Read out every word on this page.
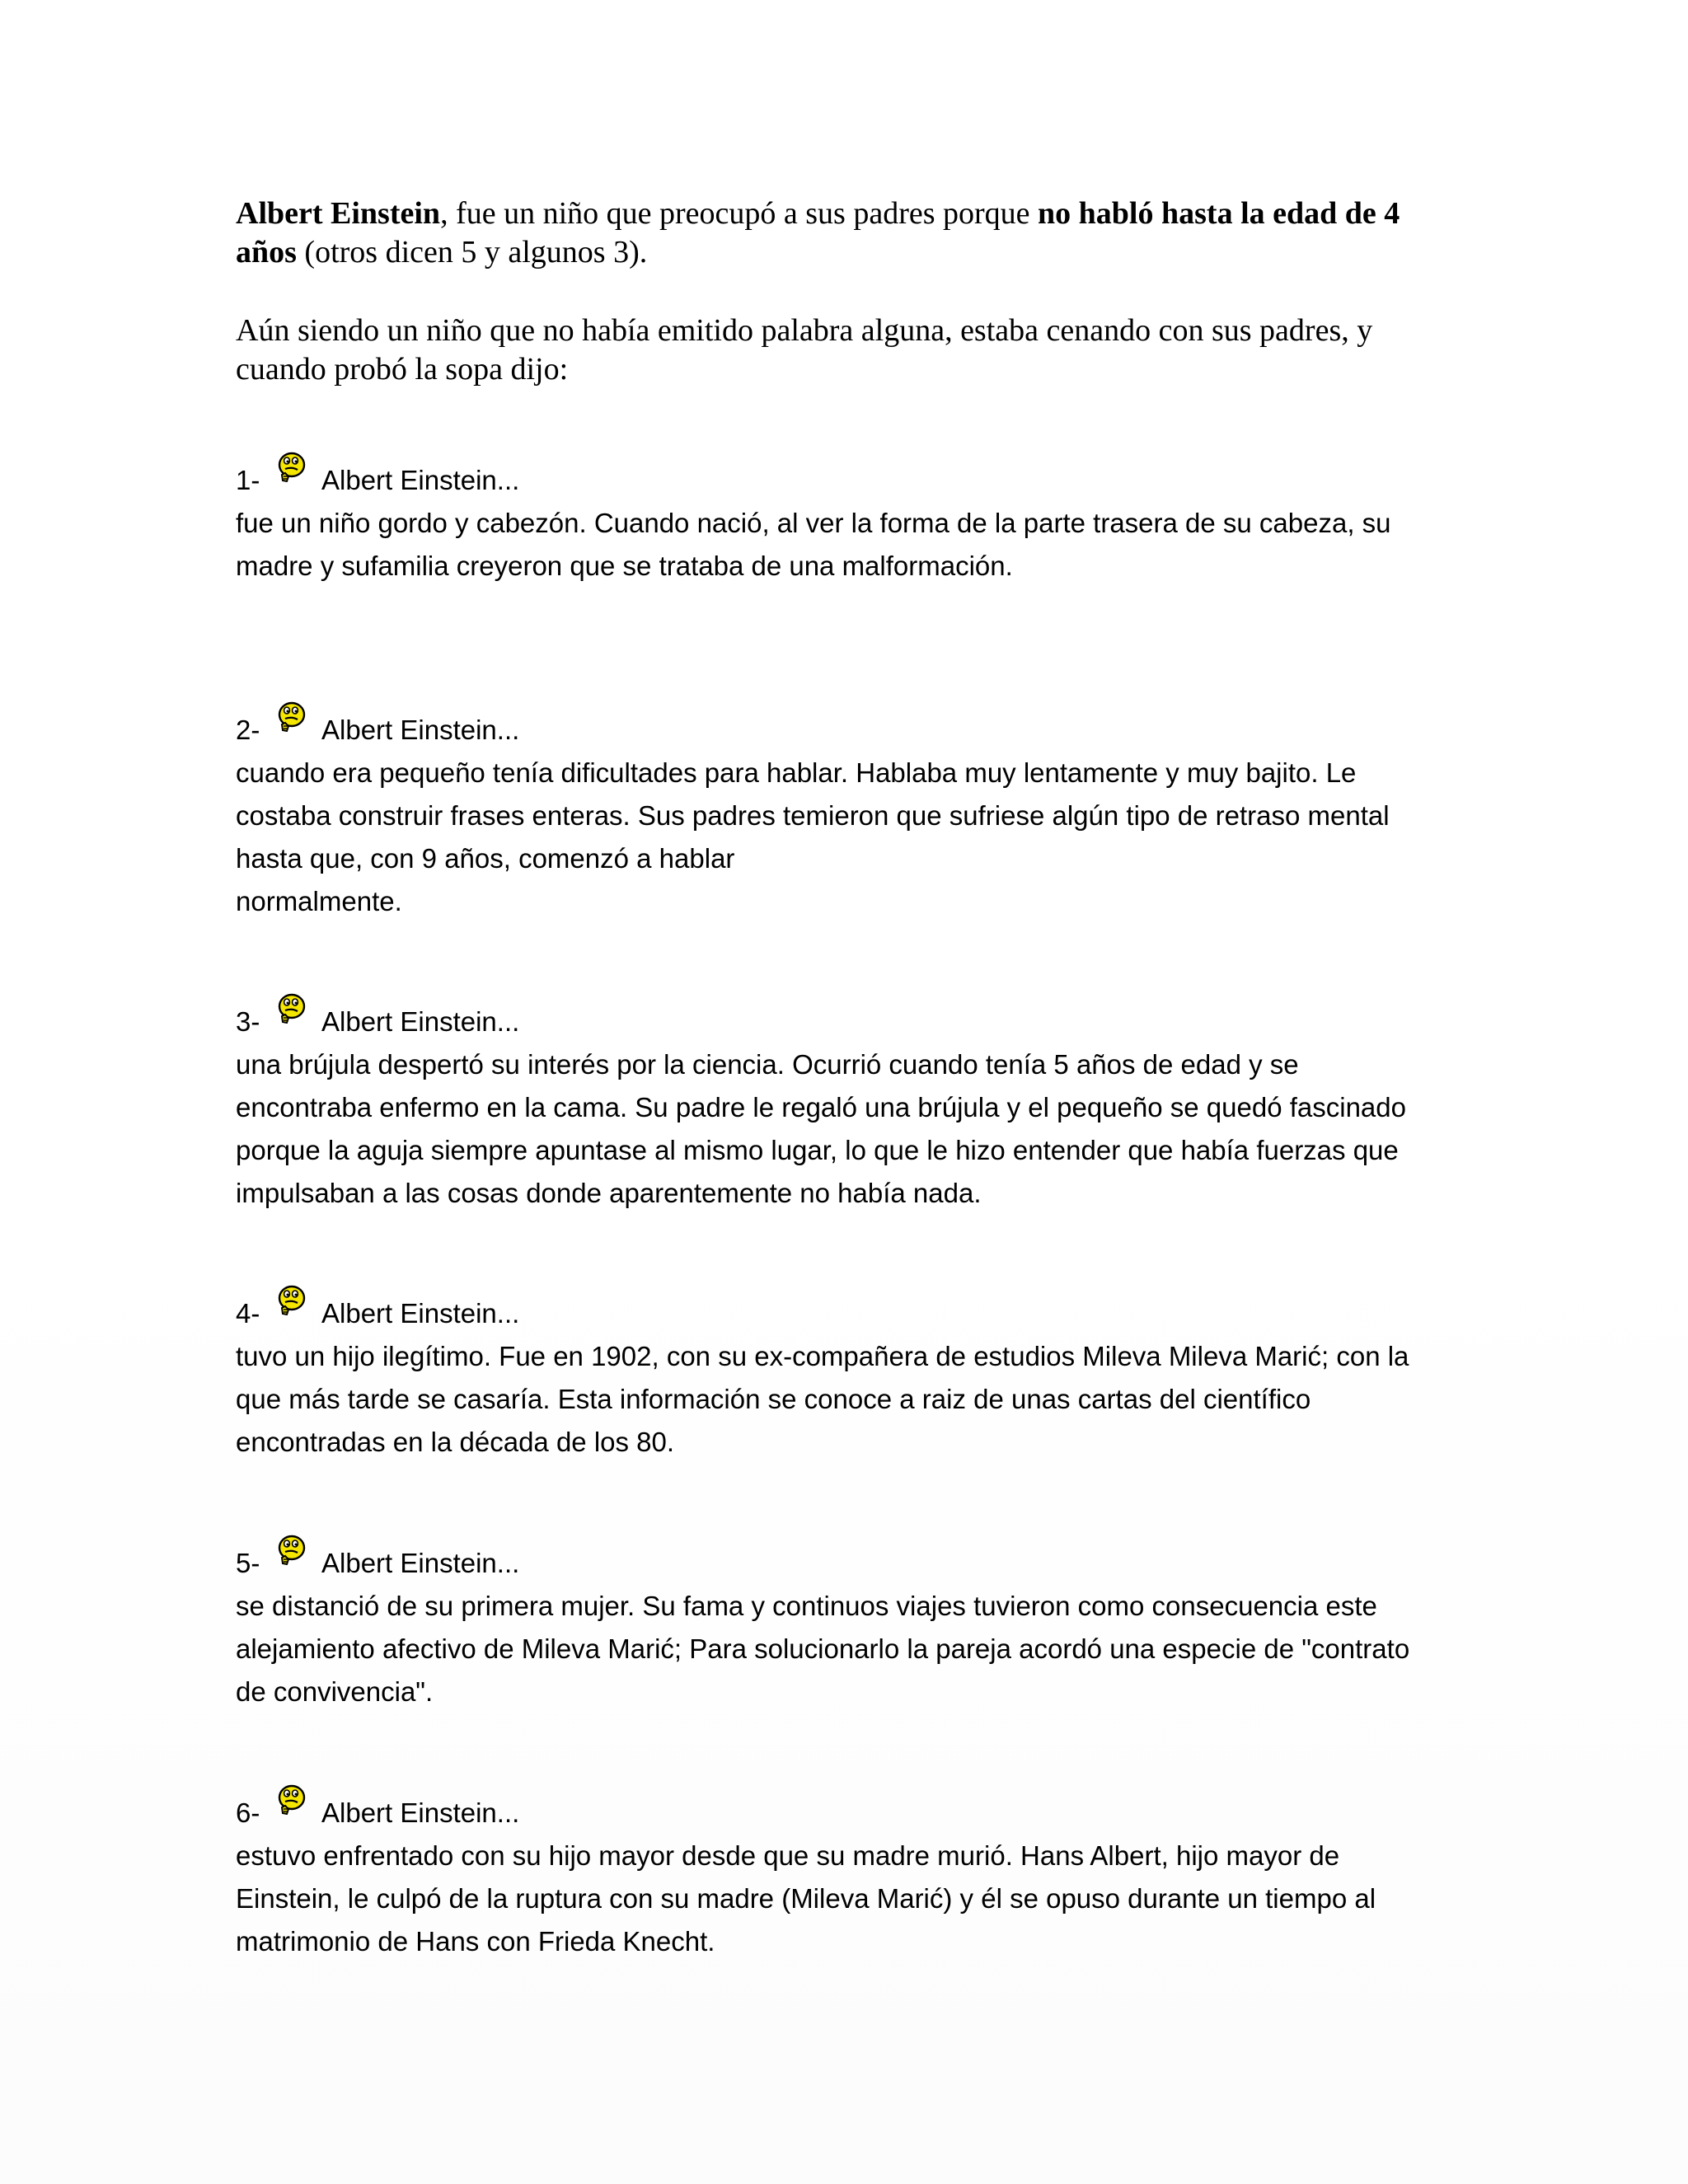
Albert Einstein, fue un niño que preocupó a sus padres porque no habló hasta la edad de 4 años (otros dicen 5 y algunos 3).

Aún siendo un niño que no había emitido palabra alguna, estaba cenando con sus padres, y cuando probó la sopa dijo:

1- Albert Einstein...

fue un niño gordo y cabezón. Cuando nació, al ver la forma de la parte trasera de su cabeza, su
madre y sufamilia creyeron que se trataba de una malformación.

2- Albert Einstein...

cuando era pequeño tenía dificultades para hablar. Hablaba muy lentamente y muy bajito. Le
costaba construir frases enteras. Sus padres temieron que sufriese algún tipo de retraso mental
hasta que, con 9 años, comenzó a hablar
normalmente.

3- Albert Einstein...

una brújula despertó su interés por la ciencia. Ocurrió cuando tenía 5 años de edad y se
encontraba enfermo en la cama. Su padre le regaló una brújula y el pequeño se quedó fascinado
porque la aguja siempre apuntase al mismo lugar, lo que le hizo entender que había fuerzas que
impulsaban a las cosas donde aparentemente no había nada.

4- Albert Einstein...

tuvo un hijo ilegítimo. Fue en 1902, con su ex-compañera de estudios Mileva Mileva Marić; con la
que más tarde se casaría. Esta información se conoce a raiz de unas cartas del científico
encontradas en la década de los 80.

5- Albert Einstein...

se distanció de su primera mujer. Su fama y continuos viajes tuvieron como consecuencia este
alejamiento afectivo de Mileva Marić; Para solucionarlo la pareja acordó una especie de "contrato
de convivencia".

6- Albert Einstein...

estuvo enfrentado con su hijo mayor desde que su madre murió. Hans Albert, hijo mayor de
Einstein, le culpó de la ruptura con su madre (Mileva Marić) y él se opuso durante un tiempo al
matrimonio de Hans con Frieda Knecht.
